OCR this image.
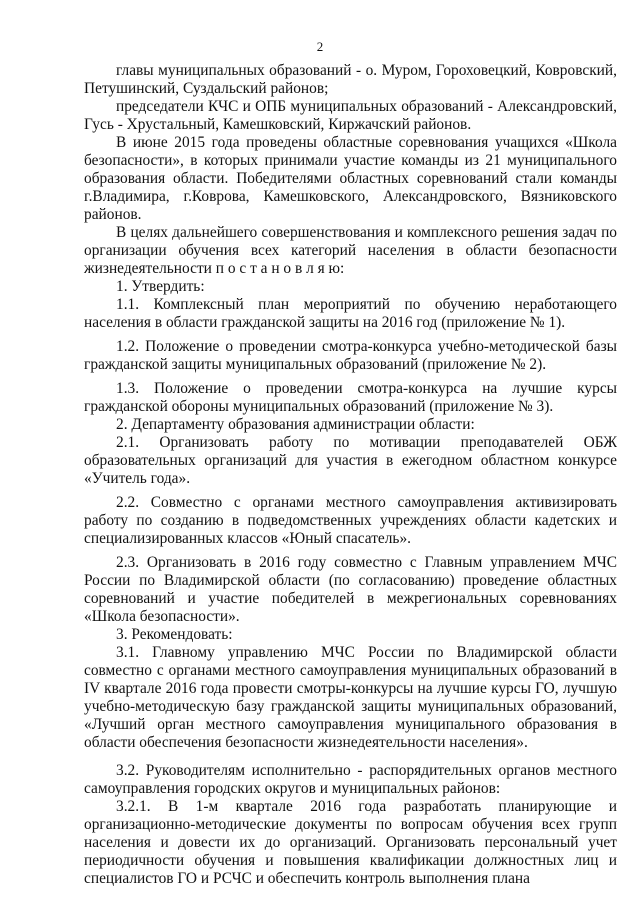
2

главы муниципальных образований - о. Муром, Гороховецкий, Ковровский, Петушинский, Суздальский районов;

председатели КЧС и ОПБ муниципальных образований - Александровский, Гусь - Хрустальный, Камешковский, Киржачский районов.

В июне 2015 года проведены областные соревнования учащихся «Школа безопасности», в которых принимали участие команды из 21 муниципального образования области. Победителями областных соревнований стали команды г.Владимира, г.Коврова, Камешковского, Александровского, Вязниковского районов.

В целях дальнейшего совершенствования и комплексного решения задач по организации обучения всех категорий населения в области безопасности жизнедеятельности п о с т а н о в л я ю:

1. Утвердить:

1.1. Комплексный план мероприятий по обучению неработающего населения в области гражданской защиты на 2016 год (приложение № 1).

1.2. Положение о проведении смотра-конкурса учебно-методической базы гражданской защиты муниципальных образований (приложение № 2).

1.3. Положение о проведении смотра-конкурса на лучшие курсы гражданской обороны муниципальных образований (приложение № 3).

2. Департаменту образования администрации области:

2.1. Организовать работу по мотивации преподавателей ОБЖ образовательных организаций для участия в ежегодном областном конкурсе «Учитель года».

2.2. Совместно с органами местного самоуправления активизировать работу по созданию в подведомственных учреждениях области кадетских и специализированных классов «Юный спасатель».

2.3. Организовать в 2016 году совместно с Главным управлением МЧС России по Владимирской области (по согласованию) проведение областных соревнований и участие победителей в межрегиональных соревнованиях «Школа безопасности».

3. Рекомендовать:

3.1. Главному управлению МЧС России по Владимирской области совместно с органами местного самоуправления муниципальных образований в IV квартале 2016 года провести смотры-конкурсы на лучшие курсы ГО, лучшую учебно-методическую базу гражданской защиты муниципальных образований, «Лучший орган местного самоуправления муниципального образования в области обеспечения безопасности жизнедеятельности населения».

3.2. Руководителям исполнительно - распорядительных органов местного самоуправления городских округов и муниципальных районов:

3.2.1. В 1-м квартале 2016 года разработать планирующие и организационно-методические документы по вопросам обучения всех групп населения и довести их до организаций. Организовать персональный учет периодичности обучения и повышения квалификации должностных лиц и специалистов ГО и РСЧС и обеспечить контроль выполнения плана
